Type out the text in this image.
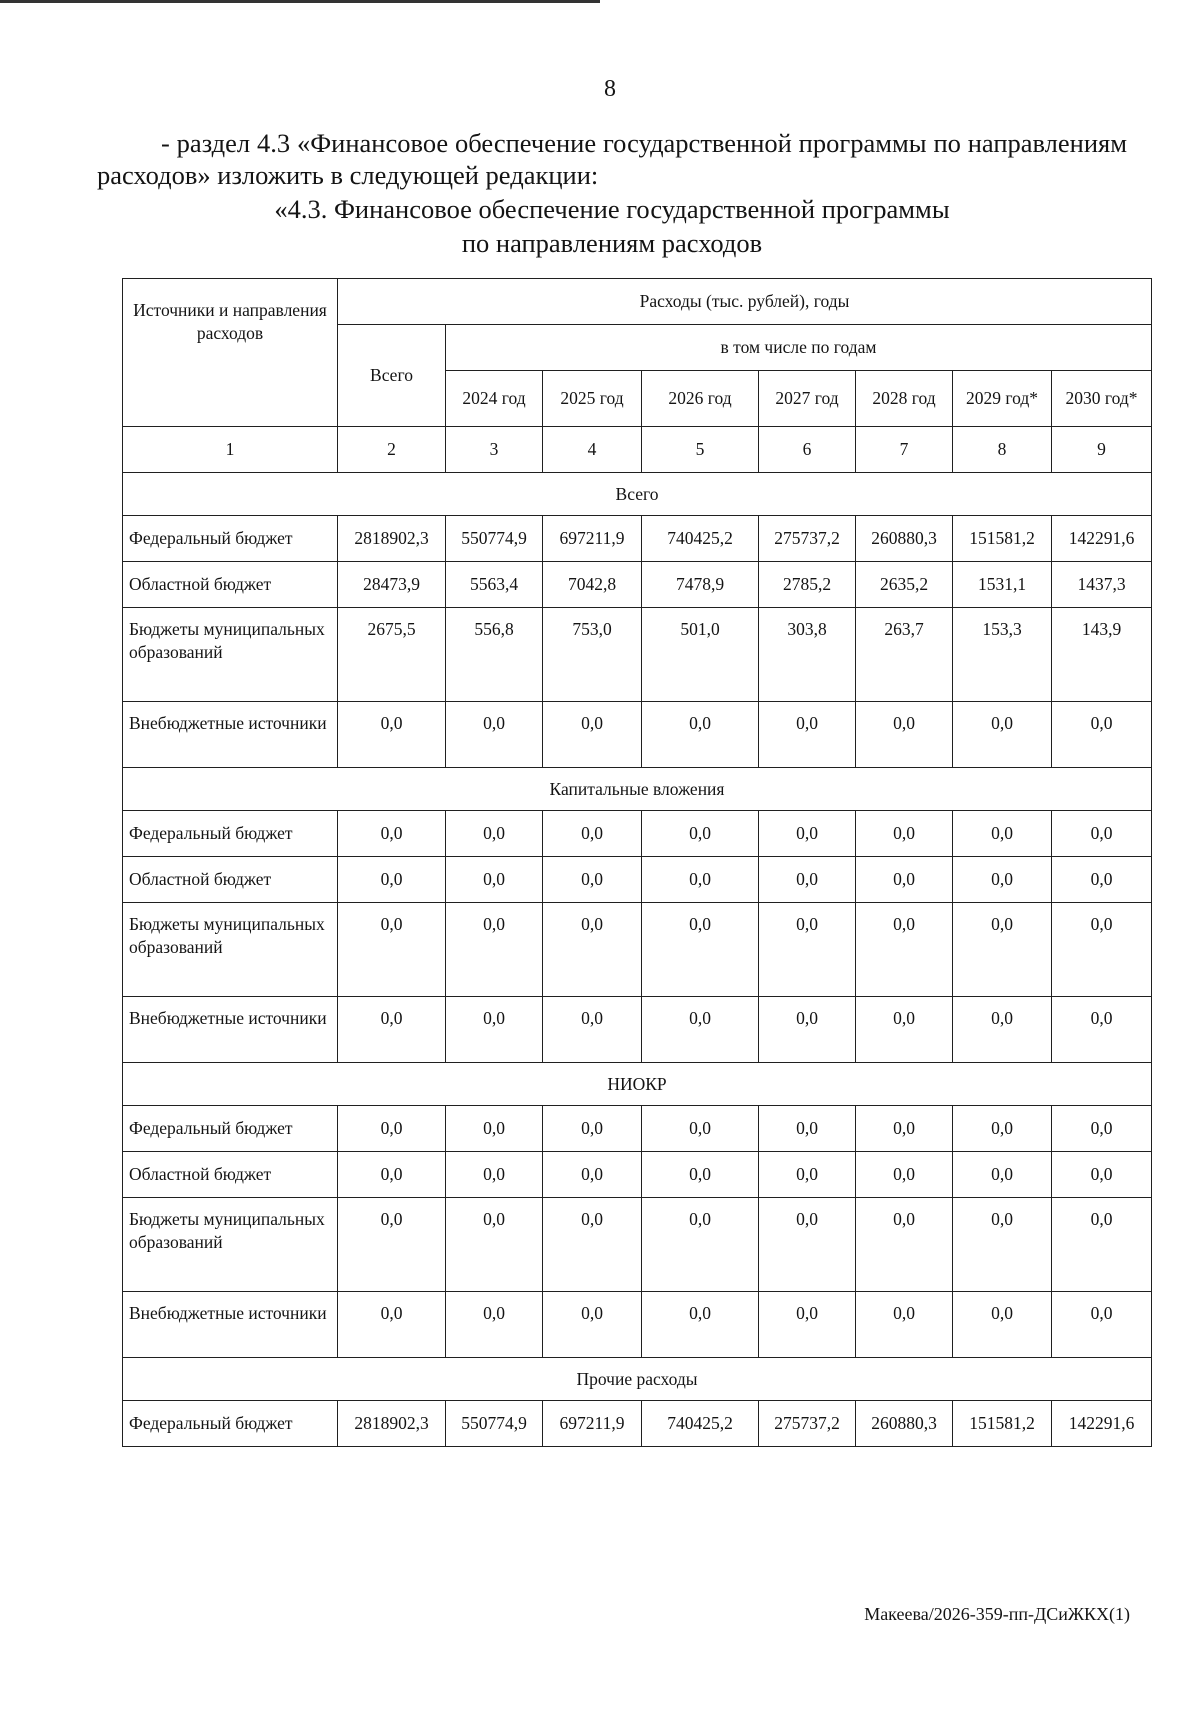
8

- раздел 4.3 «Финансовое обеспечение государственной программы по направлениям расходов» изложить в следующей редакции:

«4.3. Финансовое обеспечение государственной программы
по направлениям расходов
Источники и направления расходов	Расходы (тыс. рублей), годы							
	Всего	в том числе по годам						
		2024 год	2025 год	2026 год	2027 год	2028 год	2029 год*	2030 год*
1	2	3	4	5	6	7	8	9
Всего								
Федеральный бюджет	2818902,3	550774,9	697211,9	740425,2	275737,2	260880,3	151581,2	142291,6
Областной бюджет	28473,9	5563,4	7042,8	7478,9	2785,2	2635,2	1531,1	1437,3
Бюджеты муниципальных образований	2675,5	556,8	753,0	501,0	303,8	263,7	153,3	143,9
Внебюджетные источники	0,0	0,0	0,0	0,0	0,0	0,0	0,0	0,0
Капитальные вложения								
Федеральный бюджет	0,0	0,0	0,0	0,0	0,0	0,0	0,0	0,0
Областной бюджет	0,0	0,0	0,0	0,0	0,0	0,0	0,0	0,0
Бюджеты муниципальных образований	0,0	0,0	0,0	0,0	0,0	0,0	0,0	0,0
Внебюджетные источники	0,0	0,0	0,0	0,0	0,0	0,0	0,0	0,0
НИОКР								
Федеральный бюджет	0,0	0,0	0,0	0,0	0,0	0,0	0,0	0,0
Областной бюджет	0,0	0,0	0,0	0,0	0,0	0,0	0,0	0,0
Бюджеты муниципальных образований	0,0	0,0	0,0	0,0	0,0	0,0	0,0	0,0
Внебюджетные источники	0,0	0,0	0,0	0,0	0,0	0,0	0,0	0,0
Прочие расходы								
Федеральный бюджет	2818902,3	550774,9	697211,9	740425,2	275737,2	260880,3	151581,2	142291,6
Макеева/2026-359-пп-ДСиЖКХ(1)
